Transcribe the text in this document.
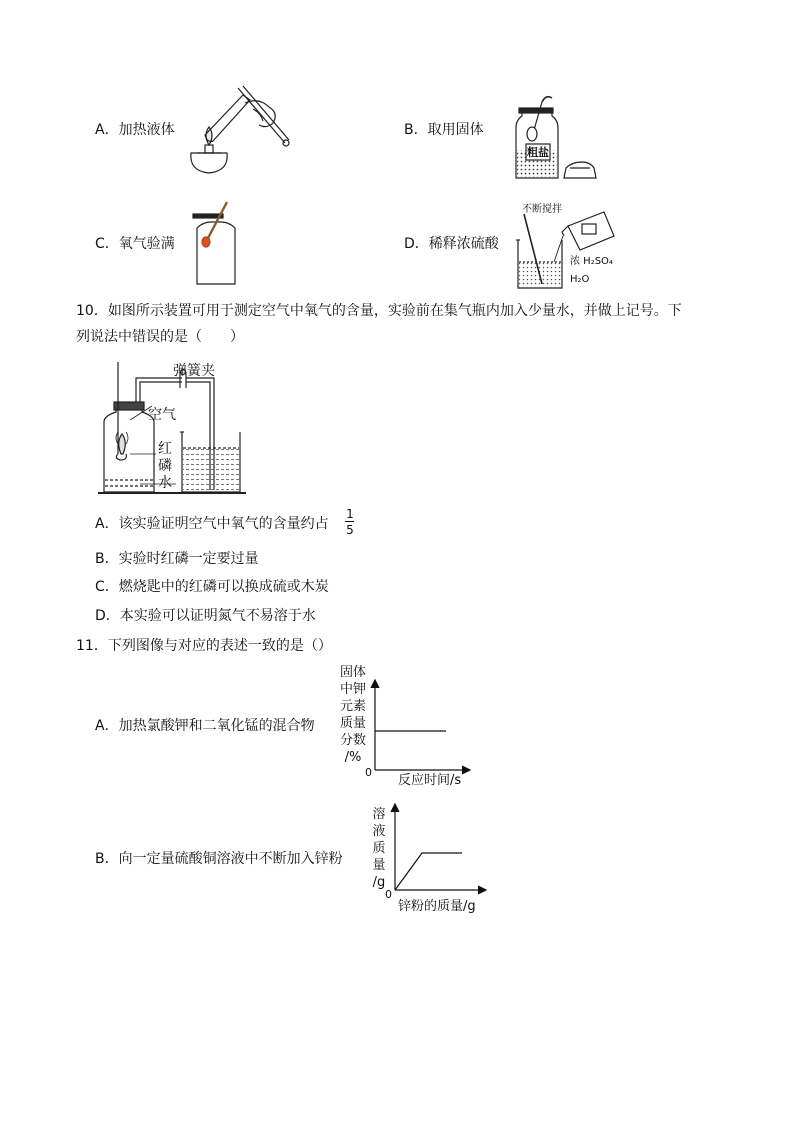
A．加热液体	B．取用固体
粗盐
C．氧气验满	D．稀释浓硫酸
不断搅拌
浓 H₂SO₄
H₂O
10．如图所示装置可用于测定空气中氧气的含量，实验前在集气瓶内加入少量水，并做上记号。下
列说法中错误的是（　　）
弹簧夹
空气
红
磷
水
A．该实验证明空气中氧气的含量约占
1
5
B．实验时红磷一定要过量
C．燃烧匙中的红磷可以换成硫或木炭
D．本实验可以证明氮气不易溶于水
11．下列图像与对应的表述一致的是（）
A．加热氯酸钾和二氧化锰的混合物
固体
中钾
元素
质量
分数
/%
0
反应时间/s
B．向一定量硫酸铜溶液中不断加入锌粉
溶
液
质
量
/g
0
锌粉的质量/g
